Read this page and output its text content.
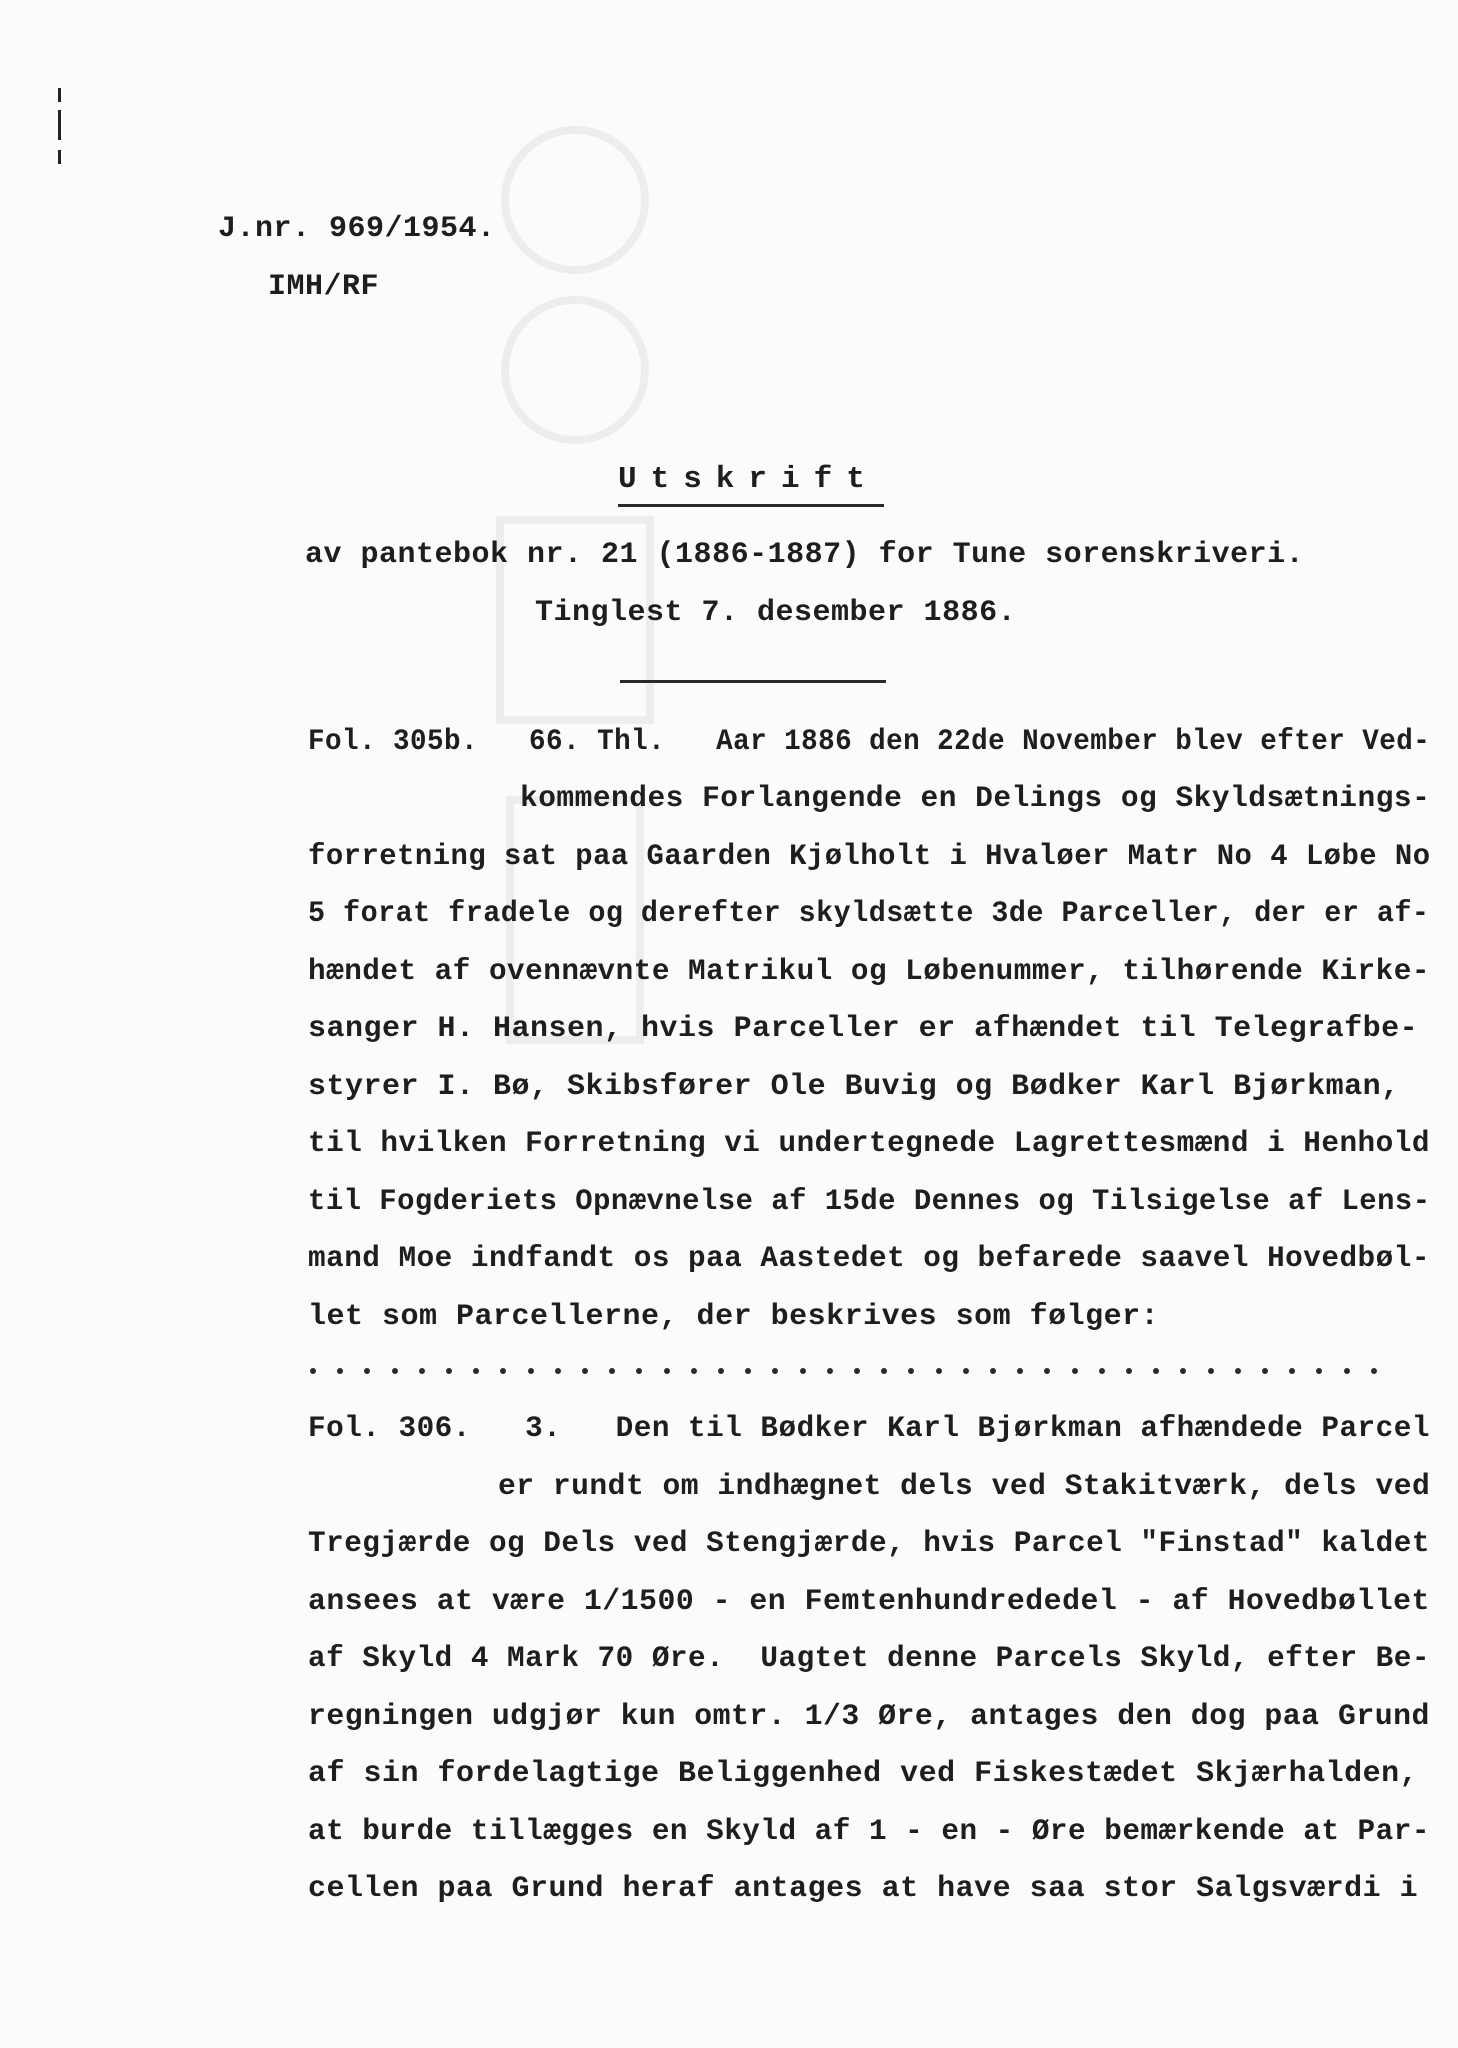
J.nr. 969/1954.
IMH/RF
Utskrift
av pantebok nr. 21 (1886-1887) for Tune sorenskriveri.
Tinglest 7. desember 1886.
Fol. 305b.   66. Thl.   Aar 1886 den 22de November blev efter Ved-
kommendes Forlangende en Delings og Skyldsætnings-
forretning sat paa Gaarden Kjølholt i Hvaløer Matr No 4 Løbe No
5 forat fradele og derefter skyldsætte 3de Parceller, der er af-
hændet af ovennævnte Matrikul og Løbenummer, tilhørende Kirke-
sanger H. Hansen, hvis Parceller er afhændet til Telegrafbe-
styrer I. Bø, Skibsfører Ole Buvig og Bødker Karl Bjørkman,
til hvilken Forretning vi undertegnede Lagrettesmænd i Henhold
til Fogderiets Opnævnelse af 15de Dennes og Tilsigelse af Lens-
mand Moe indfandt os paa Aastedet og befarede saavel Hovedbøl-
let som Parcellerne, der beskrives som følger:
Fol. 306.   3.   Den til Bødker Karl Bjørkman afhændede Parcel
er rundt om indhægnet dels ved Stakitværk, dels ved
Tregjærde og Dels ved Stengjærde, hvis Parcel "Finstad" kaldet
ansees at være 1/1500 - en Femtenhundrededel - af Hovedbøllet
af Skyld 4 Mark 70 Øre.  Uagtet denne Parcels Skyld, efter Be-
regningen udgjør kun omtr. 1/3 Øre, antages den dog paa Grund
af sin fordelagtige Beliggenhed ved Fiskestædet Skjærhalden,
at burde tillægges en Skyld af 1 - en - Øre bemærkende at Par-
cellen paa Grund heraf antages at have saa stor Salgsværdi i
